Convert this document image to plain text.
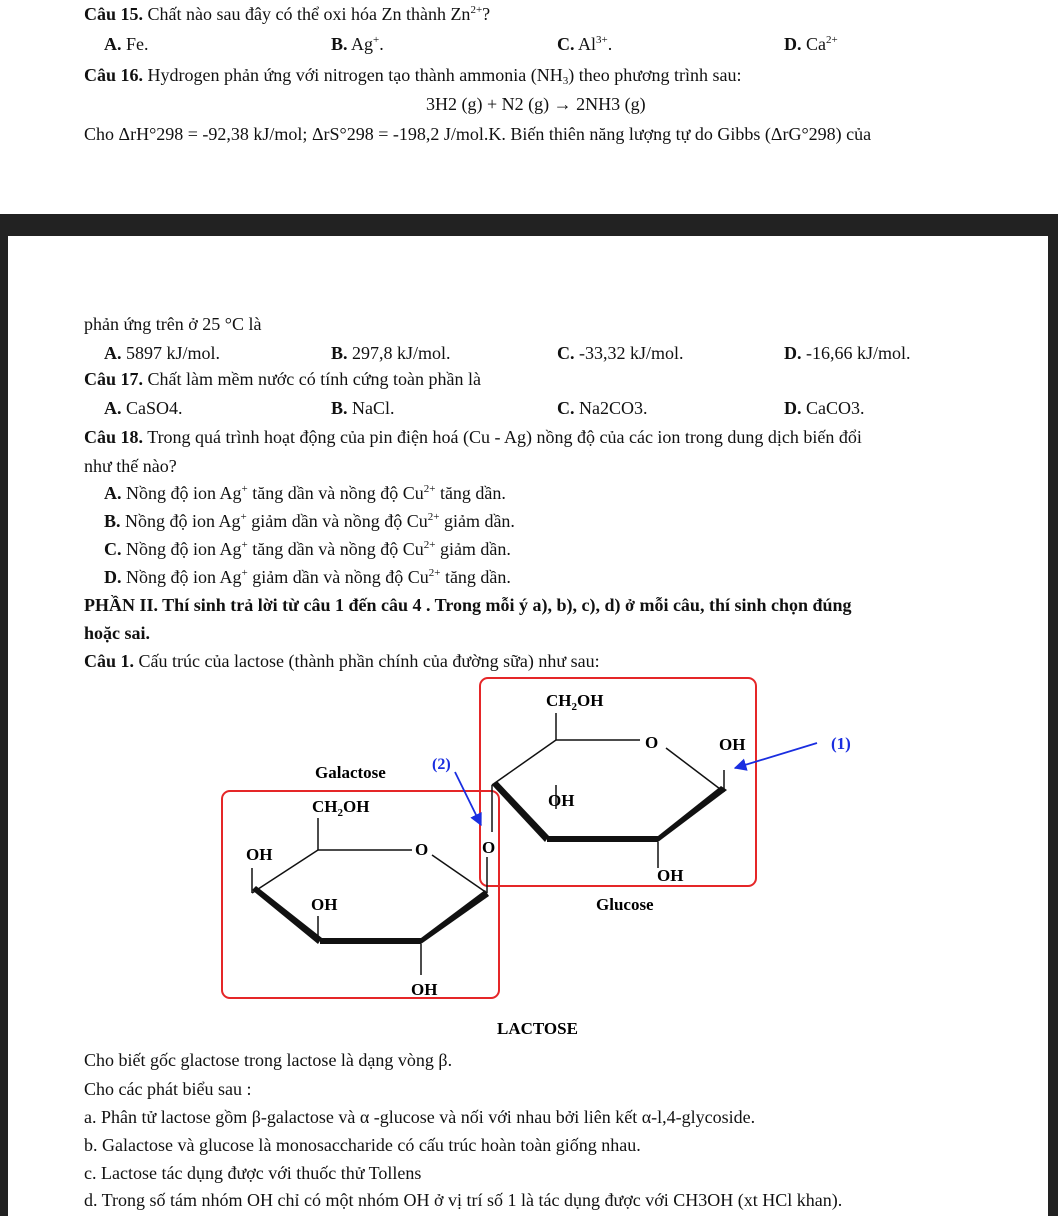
Câu 15. Chất nào sau đây có thể oxi hóa Zn thành $Zn^{2+}$?
A. Fe.	B. Ag+.	C. $Al^{3+}$.	D. $Ca^{2+}$
Câu 16. Hydrogen phản ứng với nitrogen tạo thành ammonia $(NH_3)$ theo phương trình sau:
3H2 (g) + N2 (g) → 2NH3 (g)
Cho ΔrH°298 = -92,38 kJ/mol; ΔrS°298 = -198,2 J/mol.K. Biến thiên năng lượng tự do Gibbs (ΔrG°298) của
phản ứng trên ở 25 °C là
A. 5897 kJ/mol.	B. 297,8 kJ/mol.	C. -33,32 kJ/mol.	D. -16,66 kJ/mol.
Câu 17. Chất làm mềm nước có tính cứng toàn phần là
A. CaSO4.	B. NaCl.	C. Na2CO3.	D. CaCO3.
Câu 18. Trong quá trình hoạt động của pin điện hoá (Cu - Ag) nồng độ của các ion trong dung dịch biến đổi
như thế nào?
A. Nồng độ ion Ag+ tăng dần và nồng độ $Cu^{2+}$ tăng dần.
B. Nồng độ ion Ag+ giảm dần và nồng độ $Cu^{2+}$ giảm dần.
C. Nồng độ ion Ag+ tăng dần và nồng độ $Cu^{2+}$ giảm dần.
D. Nồng độ ion Ag+ giảm dần và nồng độ $Cu^{2+}$ tăng dần.
PHẦN II. Thí sinh trả lời từ câu 1 đến câu 4 . Trong mỗi ý a), b), c), d) ở mỗi câu, thí sinh chọn đúng
hoặc sai.
Câu 1. Cấu trúc của lactose (thành phần chính của đường sữa) như sau:
$CH_2OH$
O	OH	(1)
(2)
Galactose
OH
$CH_2OH$
O	O
OH
OH
Glucose
OH
OH
LACTOSE
Cho biết gốc glactose trong lactose là dạng vòng β.
Cho các phát biểu sau :
a. Phân tử lactose gồm β-galactose và α -glucose và nối với nhau bởi liên kết α-l,4-glycoside.
b. Galactose và glucose là monosaccharide có cấu trúc hoàn toàn giống nhau.
c. Lactose tác dụng được với thuốc thử Tollens
d. Trong số tám nhóm OH chỉ có một nhóm OH ở vị trí số 1 là tác dụng được với CH3OH (xt HCl khan).
